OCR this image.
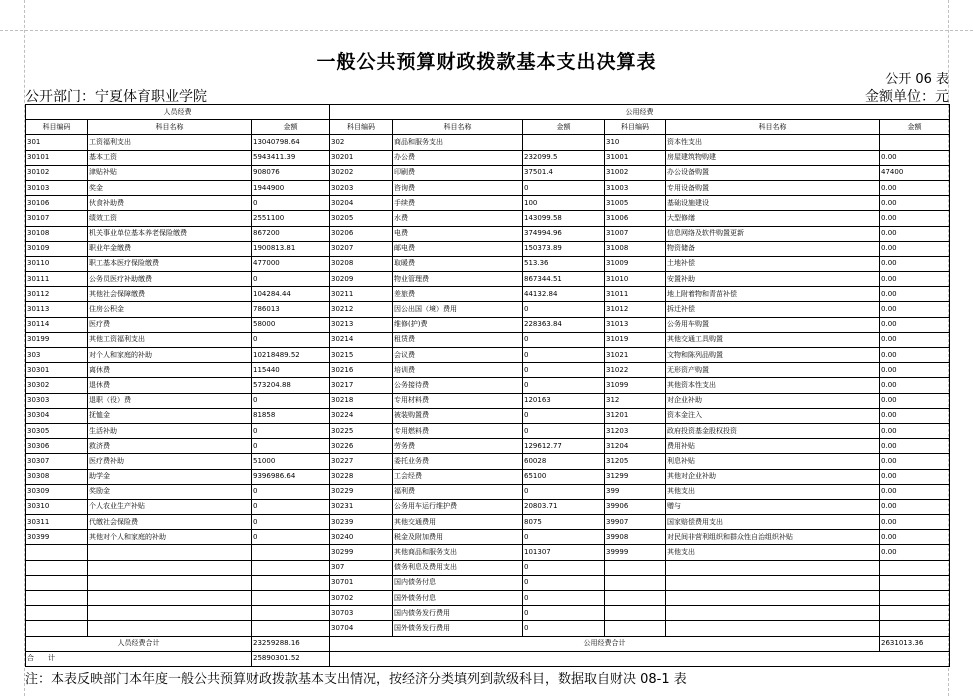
一般公共预算财政拨款基本支出决算表
公开 06 表
公开部门：宁夏体育职业学院	金额单位：元
人员经费			公用经费					
科目编码	科目名称	金额	科目编码	科目名称	金额	科目编码	科目名称	金额
301	工资福利支出	13040798.64	302	商品和服务支出		310	资本性支出	
30101	基本工资	5943411.39	30201	办公费	232099.5	31001	房屋建筑物购建	0.00
30102	津贴补贴	908076	30202	印刷费	37501.4	31002	办公设备购置	47400
30103	奖金	1944900	30203	咨询费	0	31003	专用设备购置	0.00
30106	伙食补助费	0	30204	手续费	100	31005	基础设施建设	0.00
30107	绩效工资	2551100	30205	水费	143099.58	31006	大型修缮	0.00
30108	机关事业单位基本养老保险缴费	867200	30206	电费	374994.96	31007	信息网络及软件购置更新	0.00
30109	职业年金缴费	1900813.81	30207	邮电费	150373.89	31008	物资储备	0.00
30110	职工基本医疗保险缴费	477000	30208	取暖费	513.36	31009	土地补偿	0.00
30111	公务员医疗补助缴费	0	30209	物业管理费	867344.51	31010	安置补助	0.00
30112	其他社会保障缴费	104284.44	30211	差旅费	44132.84	31011	地上附着物和青苗补偿	0.00
30113	住房公积金	786013	30212	因公出国（境）费用	0	31012	拆迁补偿	0.00
30114	医疗费	58000	30213	维修(护)费	228363.84	31013	公务用车购置	0.00
30199	其他工资福利支出	0	30214	租赁费	0	31019	其他交通工具购置	0.00
303	对个人和家庭的补助	10218489.52	30215	会议费	0	31021	文物和陈列品购置	0.00
30301	离休费	115440	30216	培训费	0	31022	无形资产购置	0.00
30302	退休费	573204.88	30217	公务接待费	0	31099	其他资本性支出	0.00
30303	退职（役）费	0	30218	专用材料费	120163	312	对企业补助	0.00
30304	抚恤金	81858	30224	被装购置费	0	31201	资本金注入	0.00
30305	生活补助	0	30225	专用燃料费	0	31203	政府投资基金股权投资	0.00
30306	救济费	0	30226	劳务费	129612.77	31204	费用补贴	0.00
30307	医疗费补助	51000	30227	委托业务费	60028	31205	利息补贴	0.00
30308	助学金	9396986.64	30228	工会经费	65100	31299	其他对企业补助	0.00
30309	奖励金	0	30229	福利费	0	399	其他支出	0.00
30310	个人农业生产补贴	0	30231	公务用车运行维护费	20803.71	39906	赠与	0.00
30311	代缴社会保险费	0	30239	其他交通费用	8075	39907	国家赔偿费用支出	0.00
30399	其他对个人和家庭的补助	0	30240	税金及附加费用	0	39908	对民间非营利组织和群众性自治组织补贴	0.00
			30299	其他商品和服务支出	101307	39999	其他支出	0.00
			307	债务利息及费用支出	0			
			30701	国内债务付息	0			
			30702	国外债务付息	0			
			30703	国内债务发行费用	0			
			30704	国外债务发行费用	0			
人员经费合计		23259288.16	公用经费合计					2631013.36
合　　计		25890301.52						
注：本表反映部门本年度一般公共预算财政拨款基本支出情况，按经济分类填列到款级科目，数据取自财决 08-1 表
